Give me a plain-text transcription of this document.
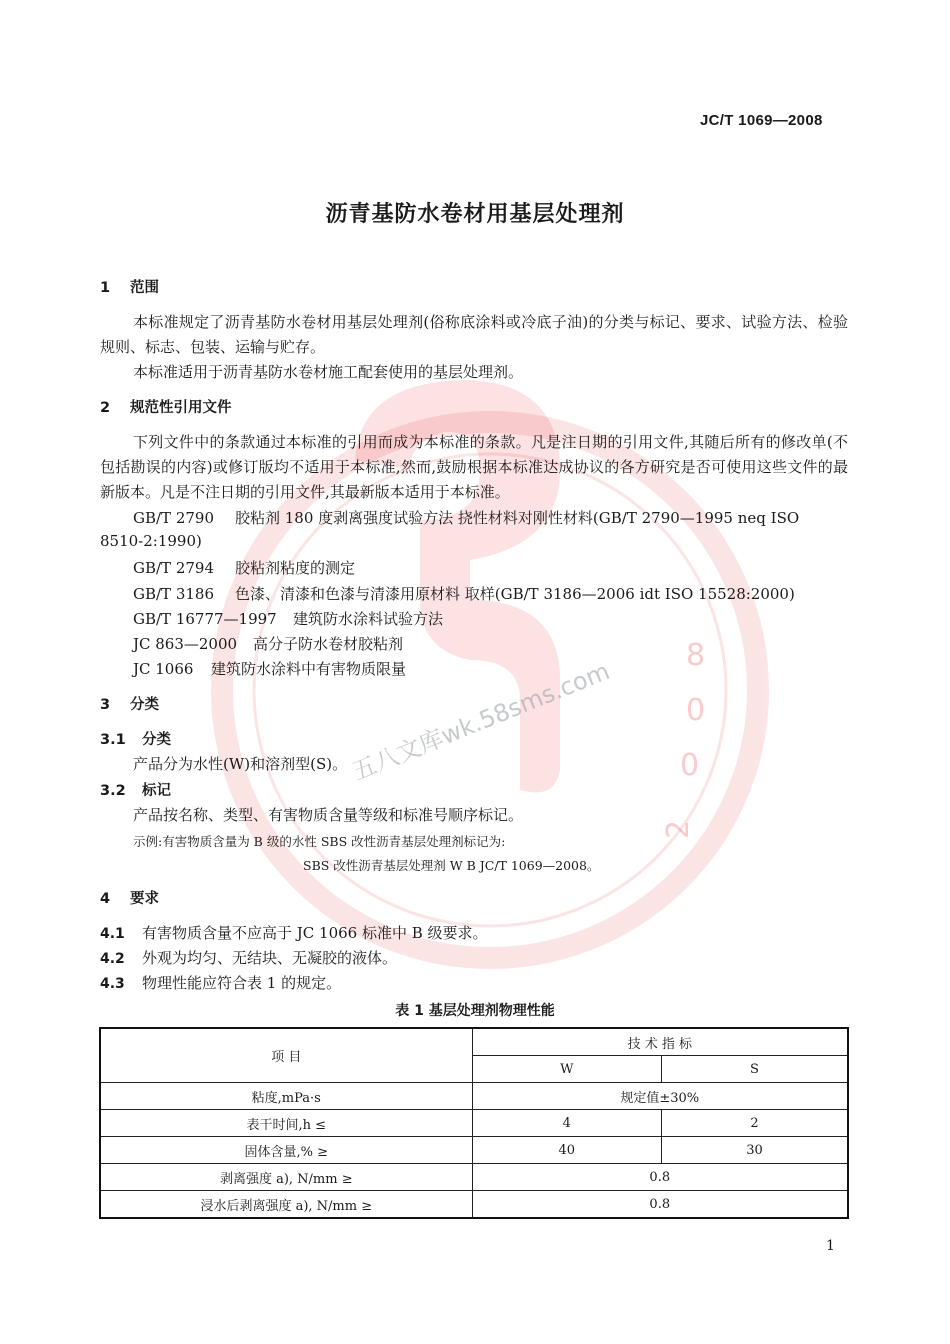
五八文库wk.58sms.com
8
0
0
2
JC/T 1069—2008
沥青基防水卷材用基层处理剂
1 范围
本标准规定了沥青基防水卷材用基层处理剂(俗称底涂料或冷底子油)的分类与标记、要求、试验方法、检验规则、标志、包装、运输与贮存。
本标准适用于沥青基防水卷材施工配套使用的基层处理剂。
2 规范性引用文件
下列文件中的条款通过本标准的引用而成为本标准的条款。凡是注日期的引用文件,其随后所有的修改单(不包括勘误的内容)或修订版均不适用于本标准,然而,鼓励根据本标准达成协议的各方研究是否可使用这些文件的最新版本。凡是不注日期的引用文件,其最新版本适用于本标准。
GB/T 2790 胶粘剂 180 度剥离强度试验方法 挠性材料对刚性材料(GB/T 2790—1995 neq ISO
8510-2:1990)
GB/T 2794 胶粘剂粘度的测定
GB/T 3186 色漆、清漆和色漆与清漆用原材料 取样(GB/T 3186—2006 idt ISO 15528:2000)
GB/T 16777—1997 建筑防水涂料试验方法
JC 863—2000 高分子防水卷材胶粘剂
JC 1066 建筑防水涂料中有害物质限量
3 分类
3.1 分类
产品分为水性(W)和溶剂型(S)。
3.2 标记
产品按名称、类型、有害物质含量等级和标准号顺序标记。
示例:有害物质含量为 B 级的水性 SBS 改性沥青基层处理剂标记为:
SBS 改性沥青基层处理剂 W B JC/T 1069—2008。
4 要求
4.1 有害物质含量不应高于 JC 1066 标准中 B 级要求。
4.2 外观为均匀、无结块、无凝胶的液体。
4.3 物理性能应符合表 1 的规定。
表 1 基层处理剂物理性能
项 目	技 术 指 标	
	W	S
粘度,mPa·s	规定值±30%	
表干时间,h ≤	4	2
固体含量,% ≥	40	30
剥离强度 a), N/mm ≥	0.8	
浸水后剥离强度 a), N/mm ≥	0.8	
1
